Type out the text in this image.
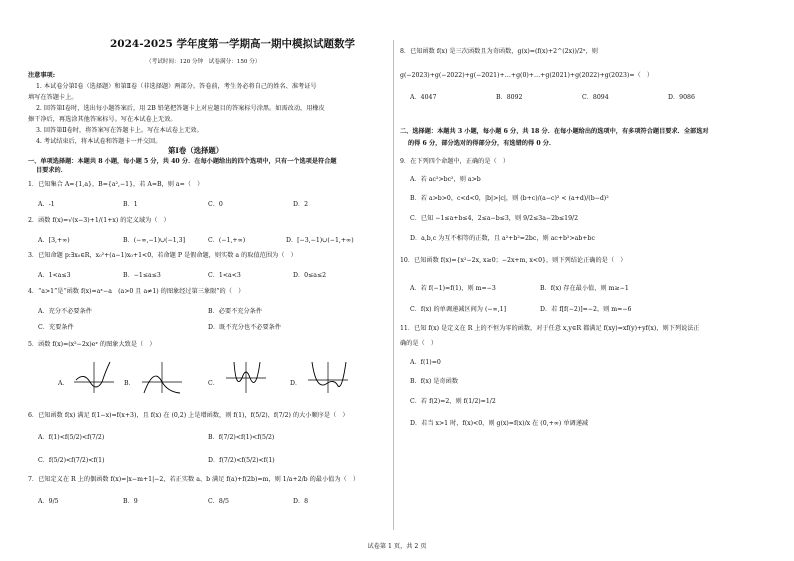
2024-2025 学年度第一学期高一期中模拟试题数学
（考试时间：120 分钟　试卷满分：150 分）
注意事项:
1. 本试卷分第Ⅰ卷（选择题）和第Ⅱ卷（非选择题）两部分。答卷前，考生务必将自己的姓名、准考证号
填写在答题卡上。
2. 回答第Ⅰ卷时，选出每小题答案后，用 2B 铅笔把答题卡上对应题目的答案标号涂黑。如需改动，用橡皮
擦干净后，再选涂其他答案标号。写在本试卷上无效。
3. 回答第Ⅱ卷时，将答案写在答题卡上。写在本试卷上无效。
4. 考试结束后，将本试卷和答题卡一并交回。
第Ⅰ卷（选择题）
一、单项选择题：本题共 8 小题，每小题 5 分，共 40 分．在每小题给出的四个选项中，只有一个选项是符合题
目要求的．
1．已知集合 A={1,a}，B={a²,−1}，若 A=B，则 a=（　）
A．-1	B．1	C．0	D．2
2．函数 f(x)=√(x−3)+1/(1+x) 的定义域为（　）
A．[3,+∞)	B．(−∞,−1)∪(−1,3]	C．(−1,+∞)	D．[−3,−1)∪(−1,+∞)
3．已知命题 p:∃x₀∈R，x₀²+(a−1)x₀+1<0，若命题 P 是假命题，则实数 a 的取值范围为（　）
A．1<a≤3	B．−1≤a≤3	C．1<a<3	D．0≤a≤2
4．“a>1”是“函数 f(x)=aˣ−a　(a>0 且 a≠1) 的图象经过第三象限”的（　）
A．充分不必要条件	B．必要不充分条件
C．充要条件	D．既不充分也不必要条件
5．函数 f(x)=(x²−2x)eˣ 的图象大致是（　）
A．	B．	C．	D．
6．已知函数 f(x) 满足 f(1−x)=f(x+3)，且 f(x) 在 (0,2) 上是增函数，则 f(1)，f(5/2)，f(7/2) 的大小顺序是（　）
A．f(1)<f(5/2)<f(7/2)	B．f(7/2)<f(1)<f(5/2)
C．f(5/2)<f(7/2)<f(1)	D．f(7/2)<f(5/2)<f(1)
7．已知定义在 R 上的偶函数 f(x)=|x−m+1|−2，若正实数 a、b 满足 f(a)+f(2b)=m，则 1/a+2/b 的最小值为（　）
A．9/5	B．9	C．8/5	D．8
8．已知函数 f(x) 是三次函数且为奇函数，g(x)=(f(x)+2^(2x))/2ˣ，则
g(−2023)+g(−2022)+g(−2021)+…+g(0)+…+g(2021)+g(2022)+g(2023)=（　）
A．4047	B．8092	C．8094	D．9086
二、选择题：本题共 3 小题，每小题 6 分，共 18 分．在每小题给出的选项中，有多项符合题目要求．全部选对
的得 6 分，部分选对的得部分分，有选错的得 0 分．
9．在下列四个命题中，正确的是（　）
A．若 ac²>bc²，则 a>b
B．若 a>b>0，c<d<0，|b|>|c|，则 (b+c)/(a−c)² < (a+d)/(b−d)²
C．已知 −1≤a+b≤4，2≤a−b≤3，则 9/2≤3a−2b≤19/2
D．a,b,c 为互不相等的正数，且 a²+b²=2bc，则 ac+b²>ab+bc
10．已知函数 f(x)={x²−2x, x≥0；−2x+m, x<0}，则下列结论正确的是（　）
A．若 f(−1)=f(1)，则 m=−3	B．f(x) 存在最小值，则 m≥−1
C．f(x) 的单调递减区间为 (−∞,1]	D．若 f[f(−2)]=−2，则 m=−6
11．已知 f(x) 是定义在 R 上的不恒为零的函数，对于任意 x,y∈R 都满足 f(xy)=xf(y)+yf(x)，则下列说法正
确的是（　）
A．f(1)=0
B．f(x) 是奇函数
C．若 f(2)=2，则 f(1/2)=1/2
D．若当 x>1 时，f(x)<0，则 g(x)=f(x)/x 在 (0,+∞) 单调递减
试卷第 1 页，共 2 页
